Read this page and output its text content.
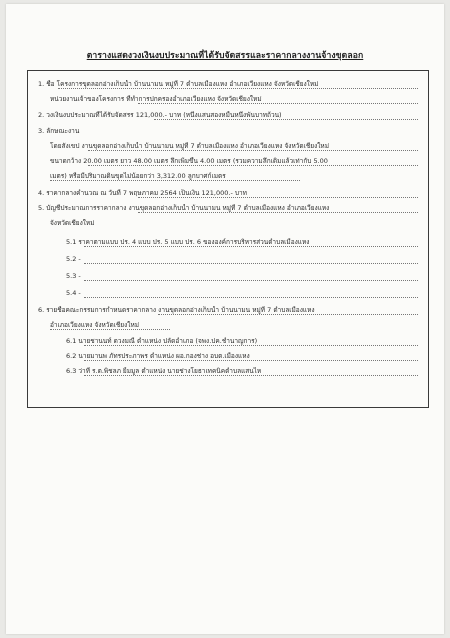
ตารางแสดงวงเงินงบประมาณที่ได้รับจัดสรรและราคากลางงานจ้างขุดลอก
1. ชื่อ โครงการขุดลอกอ่างเก็บน้ำ บ้านนามน หมู่ที่ 7 ตำบลเมืองแหง อำเภอเวียงแหง จังหวัดเชียงใหม่
หน่วยงานเจ้าของโครงการ ที่ทำการปกครองอำเภอเวียงแหง จังหวัดเชียงใหม่
2. วงเงินงบประมาณที่ได้รับจัดสรร 121,000.- บาท (หนึ่งแสนสองหมื่นหนึ่งพันบาทถ้วน)
3. ลักษณะงาน
โดยสังเขป งานขุดลอกอ่างเก็บน้ำ บ้านนามน หมู่ที่ 7 ตำบลเมืองแหง อำเภอเวียงแหง จังหวัดเชียงใหม่
ขนาดกว้าง 20.00 เมตร ยาว 48.00 เมตร ลึกเพิ่มขึ้น 4.00 เมตร (รวมความลึกเดิมแล้วเท่ากับ 5.00
เมตร) หรือมีปริมาณดินขุดไม่น้อยกว่า 3,312.00 ลูกบาศก์เมตร
4. ราคากลางคำนวณ ณ วันที่ 7 พฤษภาคม 2564 เป็นเงิน 121,000.- บาท
5. บัญชีประมาณการราคากลาง งานขุดลอกอ่างเก็บน้ำ บ้านนามน หมู่ที่ 7 ตำบลเมืองแหง อำเภอเวียงแหง
จังหวัดเชียงใหม่
5.1 ราคาตามแบบ ปร. 4 แบบ ปร. 5 แบบ ปร. 6 ขององค์การบริหารส่วนตำบลเมืองแหง
5.2 -
5.3 -
5.4 -
6. รายชื่อคณะกรรมการกำหนดราคากลาง งานขุดลอกอ่างเก็บน้ำ บ้านนามน หมู่ที่ 7 ตำบลเมืองแหง
อำเภอเวียงแหง จังหวัดเชียงใหม่
6.1 นายชานนท์ ดวงมณี ตำแหน่ง ปลัดอำเภอ (จพง.ปค.ชำนาญการ)
6.2 นายมานพ ภัทรประภาพร ตำแหน่ง ผอ.กองช่าง อบต.เมืองแหง
6.3 ว่าที่ ร.ต.พิชลภ ยิ้มมูล ตำแหน่ง นายช่างโยธาเทคนิคตำบลแสนไห
